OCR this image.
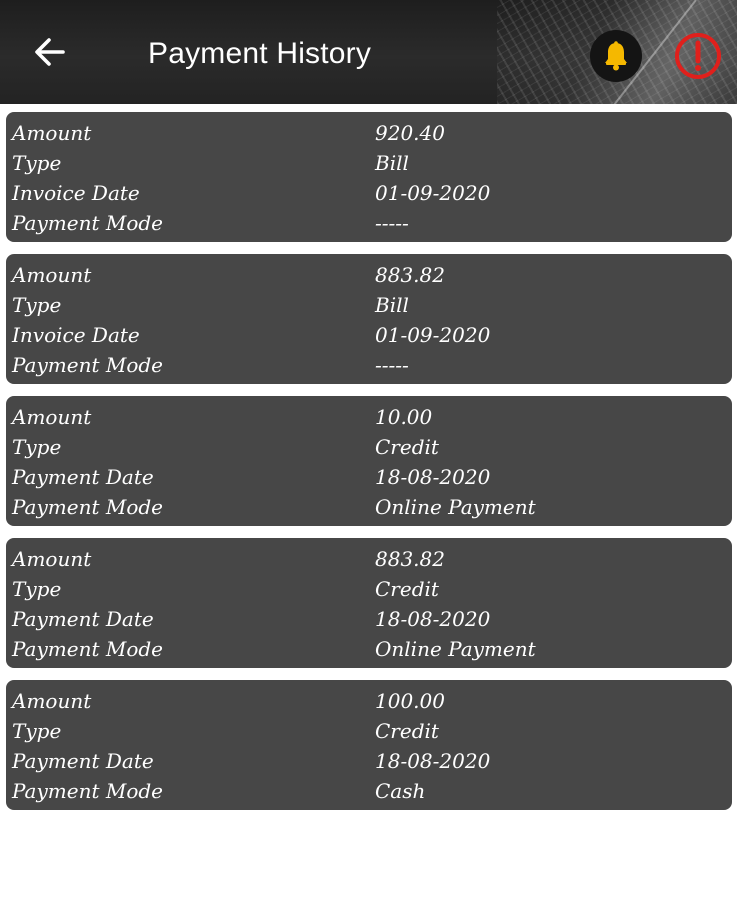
Payment History
Amount	920.40
Type	Bill
Invoice Date	01-09-2020
Payment Mode	-----
Amount	883.82
Type	Bill
Invoice Date	01-09-2020
Payment Mode	-----
Amount	10.00
Type	Credit
Payment Date	18-08-2020
Payment Mode	Online Payment
Amount	883.82
Type	Credit
Payment Date	18-08-2020
Payment Mode	Online Payment
Amount	100.00
Type	Credit
Payment Date	18-08-2020
Payment Mode	Cash
